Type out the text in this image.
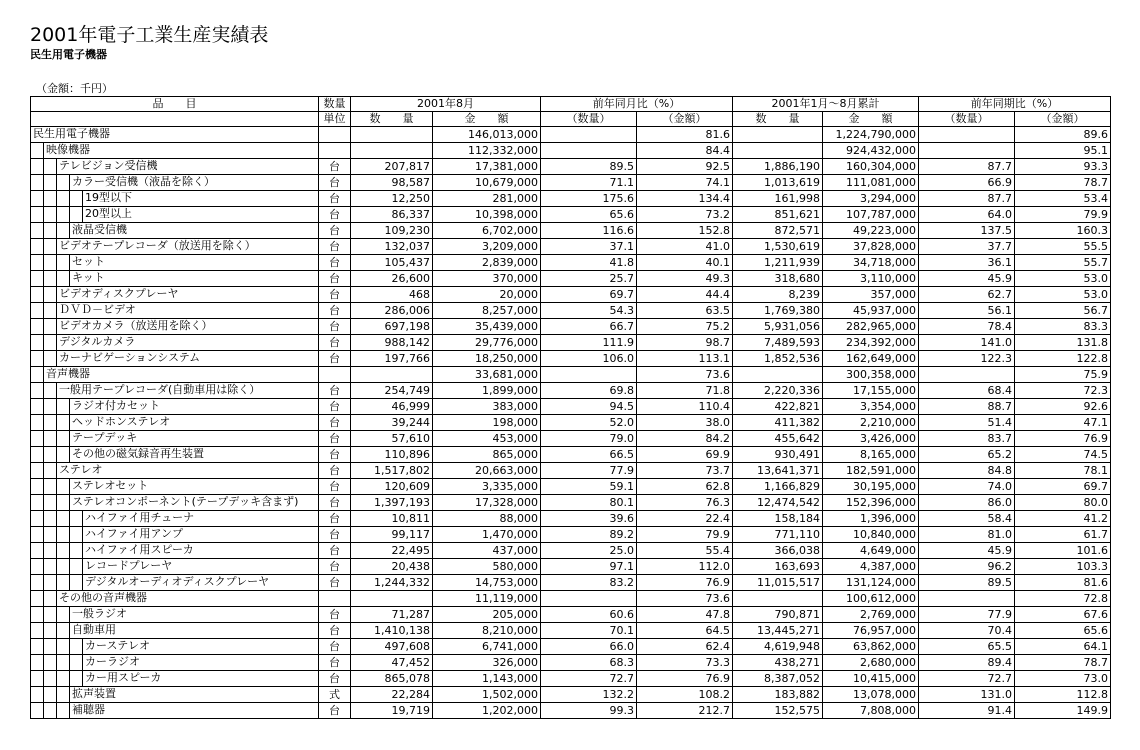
2001年電子工業生産実績表
民生用電子機器
（金額：千円）
品　　目	数量	2001年8月		前年同月比（%）		2001年1月～8月累計		前年同期比（%）	
	単位	数　　量	金　　額	（数量）	（金額）	数　　量	金　　額	（数量）	（金額）

民生用電子機器			146,013,000		81.6		1,224,790,000		89.6

映像機器			112,332,000		84.4		924,432,000		95.1

テレビジョン受信機	台	207,817	17,381,000	89.5	92.5	1,886,190	160,304,000	87.7	93.3

カラー受信機（液晶を除く）	台	98,587	10,679,000	71.1	74.1	1,013,619	111,081,000	66.9	78.7

19型以下	台	12,250	281,000	175.6	134.4	161,998	3,294,000	87.7	53.4

20型以上	台	86,337	10,398,000	65.6	73.2	851,621	107,787,000	64.0	79.9

液晶受信機	台	109,230	6,702,000	116.6	152.8	872,571	49,223,000	137.5	160.3

ビデオテープレコーダ（放送用を除く）	台	132,037	3,209,000	37.1	41.0	1,530,619	37,828,000	37.7	55.5

セット	台	105,437	2,839,000	41.8	40.1	1,211,939	34,718,000	36.1	55.7

キット	台	26,600	370,000	25.7	49.3	318,680	3,110,000	45.9	53.0

ビデオディスクプレーヤ	台	468	20,000	69.7	44.4	8,239	357,000	62.7	53.0

ＤＶＤ－ビデオ	台	286,006	8,257,000	54.3	63.5	1,769,380	45,937,000	56.1	56.7

ビデオカメラ（放送用を除く）	台	697,198	35,439,000	66.7	75.2	5,931,056	282,965,000	78.4	83.3

デジタルカメラ	台	988,142	29,776,000	111.9	98.7	7,489,593	234,392,000	141.0	131.8

カーナビゲーションシステム	台	197,766	18,250,000	106.0	113.1	1,852,536	162,649,000	122.3	122.8

音声機器			33,681,000		73.6		300,358,000		75.9

一般用テープレコーダ(自動車用は除く）	台	254,749	1,899,000	69.8	71.8	2,220,336	17,155,000	68.4	72.3

ラジオ付カセット	台	46,999	383,000	94.5	110.4	422,821	3,354,000	88.7	92.6

ヘッドホンステレオ	台	39,244	198,000	52.0	38.0	411,382	2,210,000	51.4	47.1

テープデッキ	台	57,610	453,000	79.0	84.2	455,642	3,426,000	83.7	76.9

その他の磁気録音再生装置	台	110,896	865,000	66.5	69.9	930,491	8,165,000	65.2	74.5

ステレオ	台	1,517,802	20,663,000	77.9	73.7	13,641,371	182,591,000	84.8	78.1

ステレオセット	台	120,609	3,335,000	59.1	62.8	1,166,829	30,195,000	74.0	69.7

ステレオコンポーネント(テープデッキ含まず)	台	1,397,193	17,328,000	80.1	76.3	12,474,542	152,396,000	86.0	80.0

ハイファイ用チューナ	台	10,811	88,000	39.6	22.4	158,184	1,396,000	58.4	41.2

ハイファイ用アンプ	台	99,117	1,470,000	89.2	79.9	771,110	10,840,000	81.0	61.7

ハイファイ用スピーカ	台	22,495	437,000	25.0	55.4	366,038	4,649,000	45.9	101.6

レコードプレーヤ	台	20,438	580,000	97.1	112.0	163,693	4,387,000	96.2	103.3

デジタルオーディオディスクプレーヤ	台	1,244,332	14,753,000	83.2	76.9	11,015,517	131,124,000	89.5	81.6

その他の音声機器			11,119,000		73.6		100,612,000		72.8

一般ラジオ	台	71,287	205,000	60.6	47.8	790,871	2,769,000	77.9	67.6

自動車用	台	1,410,138	8,210,000	70.1	64.5	13,445,271	76,957,000	70.4	65.6

カーステレオ	台	497,608	6,741,000	66.0	62.4	4,619,948	63,862,000	65.5	64.1

カーラジオ	台	47,452	326,000	68.3	73.3	438,271	2,680,000	89.4	78.7

カー用スピーカ	台	865,078	1,143,000	72.7	76.9	8,387,052	10,415,000	72.7	73.0

拡声装置	式	22,284	1,502,000	132.2	108.2	183,882	13,078,000	131.0	112.8

補聴器	台	19,719	1,202,000	99.3	212.7	152,575	7,808,000	91.4	149.9
